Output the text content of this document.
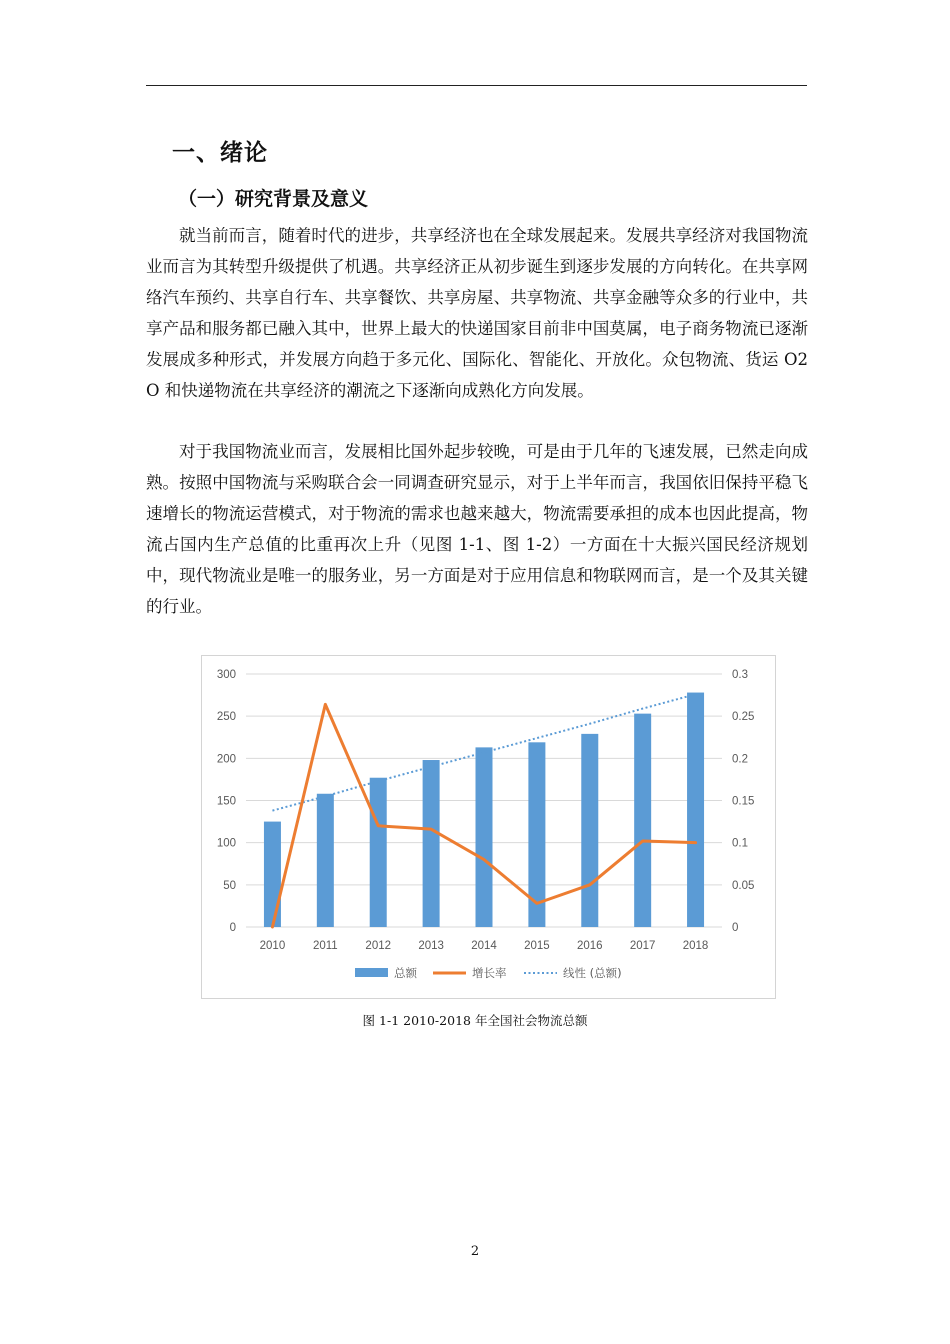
一、绪论
（一）研究背景及意义

就当前而言，随着时代的进步，共享经济也在全球发展起来。发展共享经济对我国物流业而言为其转型升级提供了机遇。共享经济正从初步诞生到逐步发展的方向转化。在共享网络汽车预约、共享自行车、共享餐饮、共享房屋、共享物流、共享金融等众多的行业中，共享产品和服务都已融入其中，世界上最大的快递国家目前非中国莫属，电子商务物流已逐渐发展成多种形式，并发展方向趋于多元化、国际化、智能化、开放化。众包物流、货运 O2 O 和快递物流在共享经济的潮流之下逐渐向成熟化方向发展。

对于我国物流业而言，发展相比国外起步较晚，可是由于几年的飞速发展，已然走向成熟。按照中国物流与采购联合会一同调查研究显示，对于上半年而言，我国依旧保持平稳飞速增长的物流运营模式，对于物流的需求也越来越大，物流需要承担的成本也因此提高，物流占国内生产总值的比重再次上升（见图 1-1、图 1-2）一方面在十大振兴国民经济规划中，现代物流业是唯一的服务业，另一方面是对于应用信息和物联网而言，是一个及其关键的行业。

0
50
100
150
200
250
300
0
0.05
0.1
0.15
0.2
0.25
0.3
2010 2011 2012 2013 2014 2015 2016 2017 2018
总额	增长率	线性 (总额)
图 1-1 2010-2018 年全国社会物流总额
2
